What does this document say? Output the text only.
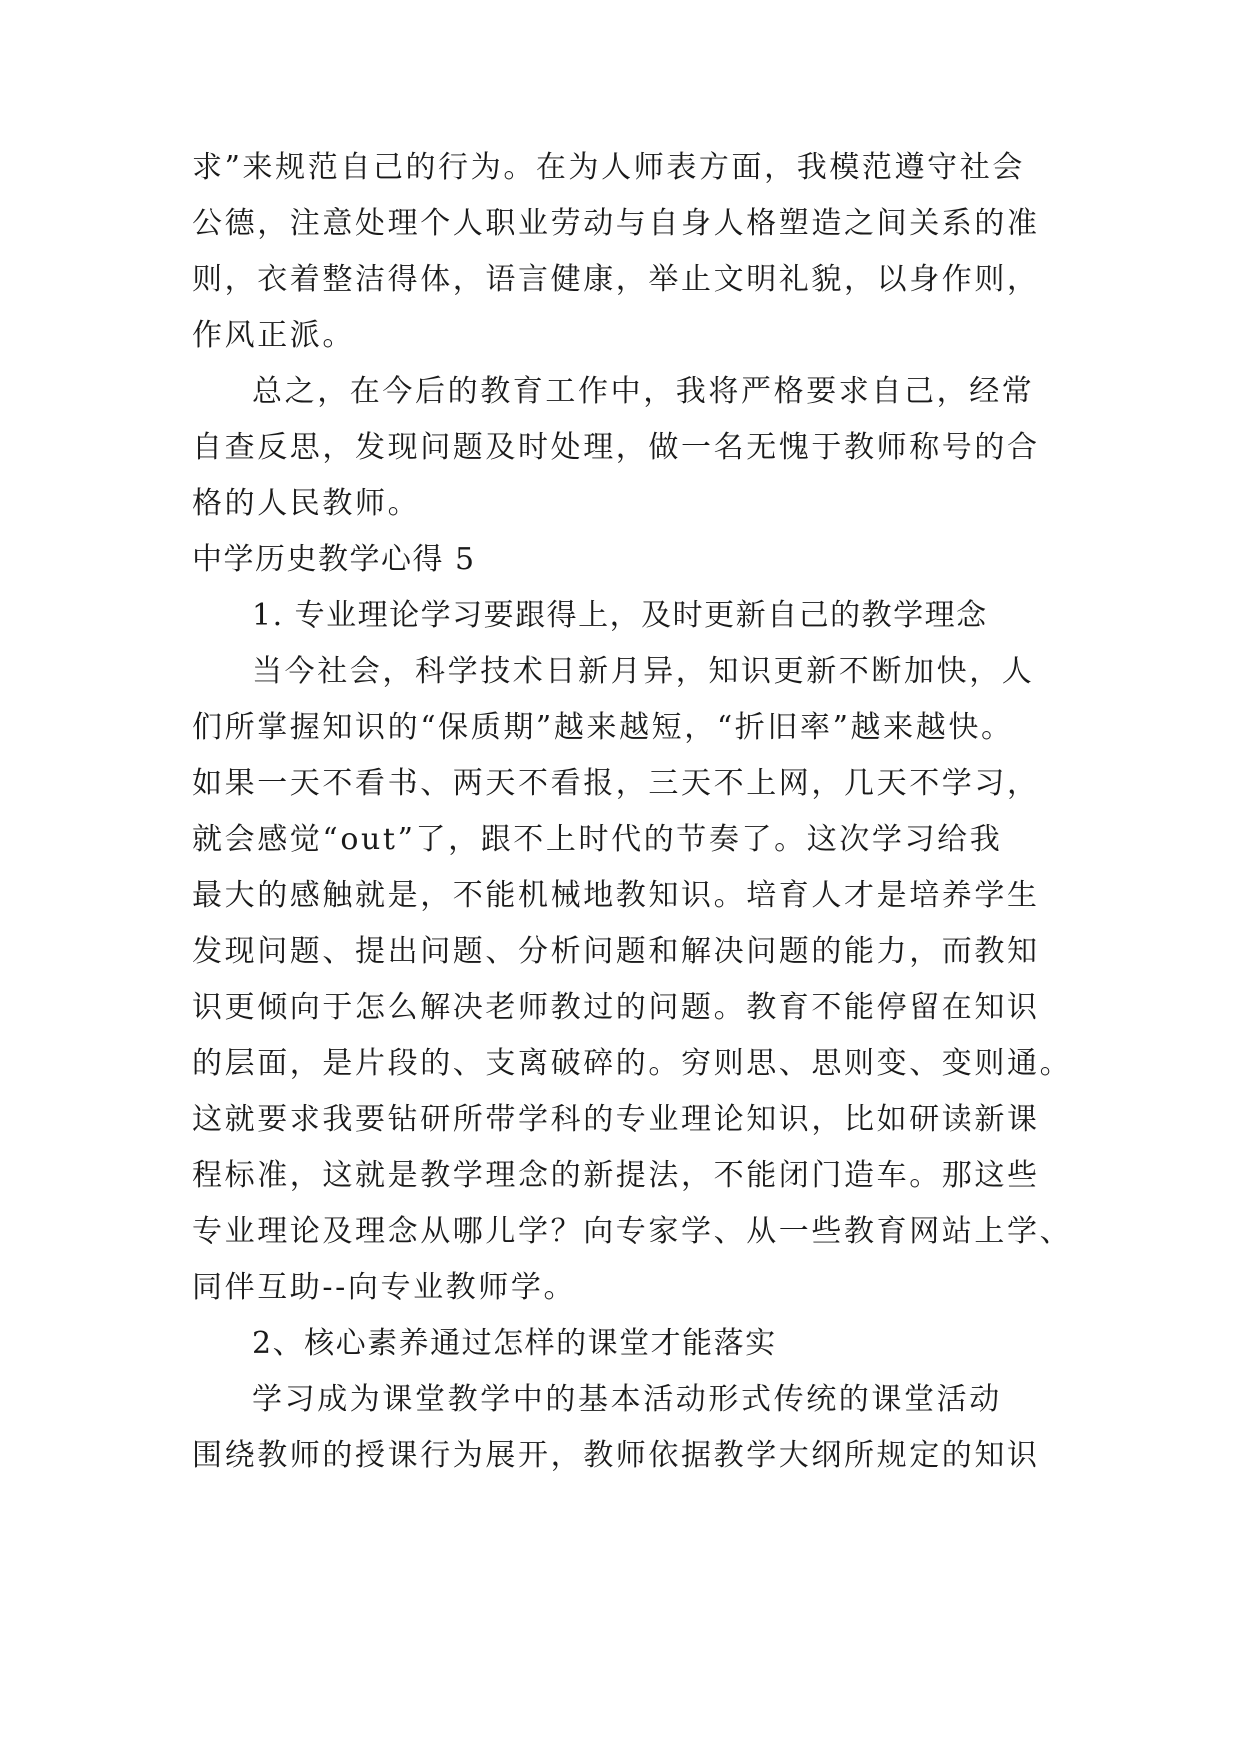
求”来规范自己的行为。在为人师表方面，我模范遵守社会
公德，注意处理个人职业劳动与自身人格塑造之间关系的准
则，衣着整洁得体，语言健康，举止文明礼貌，以身作则，
作风正派。
总之，在今后的教育工作中，我将严格要求自己，经常
自查反思，发现问题及时处理，做一名无愧于教师称号的合
格的人民教师。
中学历史教学心得 5
1. 专业理论学习要跟得上，及时更新自己的教学理念
当今社会，科学技术日新月异，知识更新不断加快，人
们所掌握知识的“保质期”越来越短，“折旧率”越来越快。
如果一天不看书、两天不看报，三天不上网，几天不学习，
就会感觉“out”了，跟不上时代的节奏了。这次学习给我
最大的感触就是，不能机械地教知识。培育人才是培养学生
发现问题、提出问题、分析问题和解决问题的能力，而教知
识更倾向于怎么解决老师教过的问题。教育不能停留在知识
的层面，是片段的、支离破碎的。穷则思、思则变、变则通。
这就要求我要钻研所带学科的专业理论知识，比如研读新课
程标准，这就是教学理念的新提法，不能闭门造车。那这些
专业理论及理念从哪儿学？向专家学、从一些教育网站上学、
同伴互助--向专业教师学。
2、核心素养通过怎样的课堂才能落实
学习成为课堂教学中的基本活动形式传统的课堂活动
围绕教师的授课行为展开，教师依据教学大纲所规定的知识
